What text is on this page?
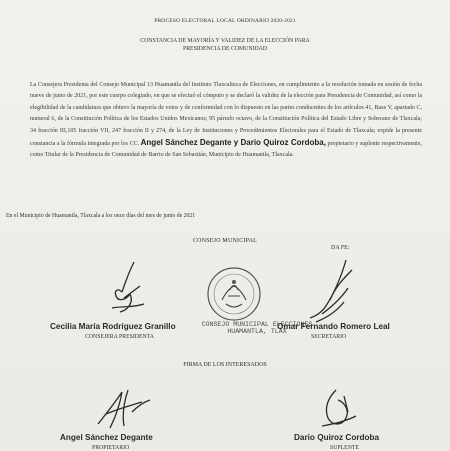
PROCESO ELECTORAL LOCAL ORDINARIO 2020-2021
CONSTANCIA DE MAYORÍA Y VALIDEZ DE LA ELECCIÓN PARA
PRESIDENCIA DE COMUNIDAD
La Consejera Presidenta del Consejo Municipal 13 Huamantla del Instituto Tlaxcalteca de Elecciones, en cumplimiento a la resolución tomada en sesión de fecha nueve de junio de 2021, por este cuerpo colegiado, en que se efectuó el cómputo y se declaró la validez de la elección para Presidencia de Comunidad, así como la elegibilidad de la candidatura que obtuvo la mayoría de votos y de conformidad con lo dispuesto en las partes conducentes de los artículos 41, Base V, apartado C, numeral 6, de la Constitución Política de los Estados Unidos Mexicanos; 95 párrafo octavo, de la Constitución Política del Estado Libre y Soberano de Tlaxcala; 34 fracción III,105 fracción VII, 247 fracción II y 274, de la Ley de Instituciones y Procedimientos Electorales para el Estado de Tlaxcala; expide la presente constancia a la fórmula integrada por los CC. Angel Sánchez Degante y Dario Quiroz Cordoba, propietario y suplente respectivamente, como Titular de la Presidencia de Comunidad de Barrio de San Sebastián, Municipio de Huamantla, Tlaxcala.
En el Municipio de Huamantla, Tlaxcala a los once días del mes de junio de 2021
CONSEJO MUNICIPAL
DA FE:
Cecilia María Rodríguez Granillo
CONSEJERA PRESIDENTA
CONSEJO MUNICIPAL ELECCIONES
HUAMANTLA, TLAX
Omar Fernando Romero Leal
SECRETARIO
FIRMA DE LOS INTERESADOS
Angel Sánchez Degante
PROPIETARIO
Dario Quiroz Cordoba
SUPLENTE
